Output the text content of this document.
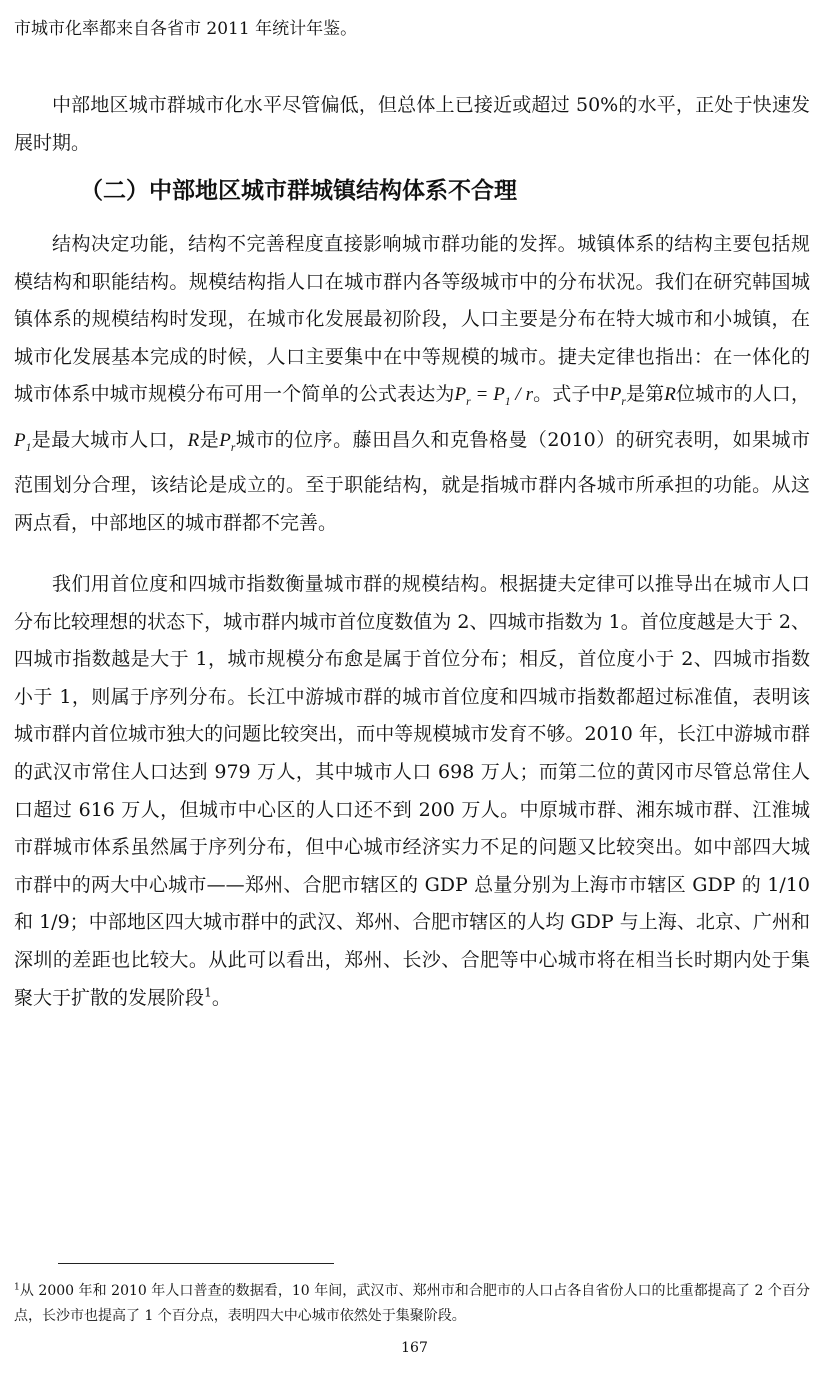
市城市化率都来自各省市 2011 年统计年鉴。

中部地区城市群城市化水平尽管偏低，但总体上已接近或超过 50%的水平，正处于快速发展时期。

（二）中部地区城市群城镇结构体系不合理

结构决定功能，结构不完善程度直接影响城市群功能的发挥。城镇体系的结构主要包括规模结构和职能结构。规模结构指人口在城市群内各等级城市中的分布状况。我们在研究韩国城镇体系的规模结构时发现，在城市化发展最初阶段，人口主要是分布在特大城市和小城镇，在城市化发展基本完成的时候，人口主要集中在中等规模的城市。捷夫定律也指出：在一体化的城市体系中城市规模分布可用一个简单的公式表达为$P_r = P_1 / r$。式子中$P_r$是第R位城市的人口，$P_1$是最大城市人口，R是$P_r$城市的位序。藤田昌久和克鲁格曼（2010）的研究表明，如果城市范围划分合理，该结论是成立的。至于职能结构，就是指城市群内各城市所承担的功能。从这两点看，中部地区的城市群都不完善。

我们用首位度和四城市指数衡量城市群的规模结构。根据捷夫定律可以推导出在城市人口分布比较理想的状态下，城市群内城市首位度数值为 2、四城市指数为 1。首位度越是大于 2、四城市指数越是大于 1，城市规模分布愈是属于首位分布；相反，首位度小于 2、四城市指数小于 1，则属于序列分布。长江中游城市群的城市首位度和四城市指数都超过标准值，表明该城市群内首位城市独大的问题比较突出，而中等规模城市发育不够。2010 年，长江中游城市群的武汉市常住人口达到 979 万人，其中城市人口 698 万人；而第二位的黄冈市尽管总常住人口超过 616 万人，但城市中心区的人口还不到 200 万人。中原城市群、湘东城市群、江淮城市群城市体系虽然属于序列分布，但中心城市经济实力不足的问题又比较突出。如中部四大城市群中的两大中心城市——郑州、合肥市辖区的 GDP 总量分别为上海市市辖区 GDP 的 1/10 和 1/9；中部地区四大城市群中的武汉、郑州、合肥市辖区的人均 GDP 与上海、北京、广州和深圳的差距也比较大。从此可以看出，郑州、长沙、合肥等中心城市将在相当长时期内处于集聚大于扩散的发展阶段$^1$。

$^1$从 2000 年和 2010 年人口普查的数据看，10 年间，武汉市、郑州市和合肥市的人口占各自省份人口的比重都提高了 2 个百分点，长沙市也提高了 1 个百分点，表明四大中心城市依然处于集聚阶段。

167
